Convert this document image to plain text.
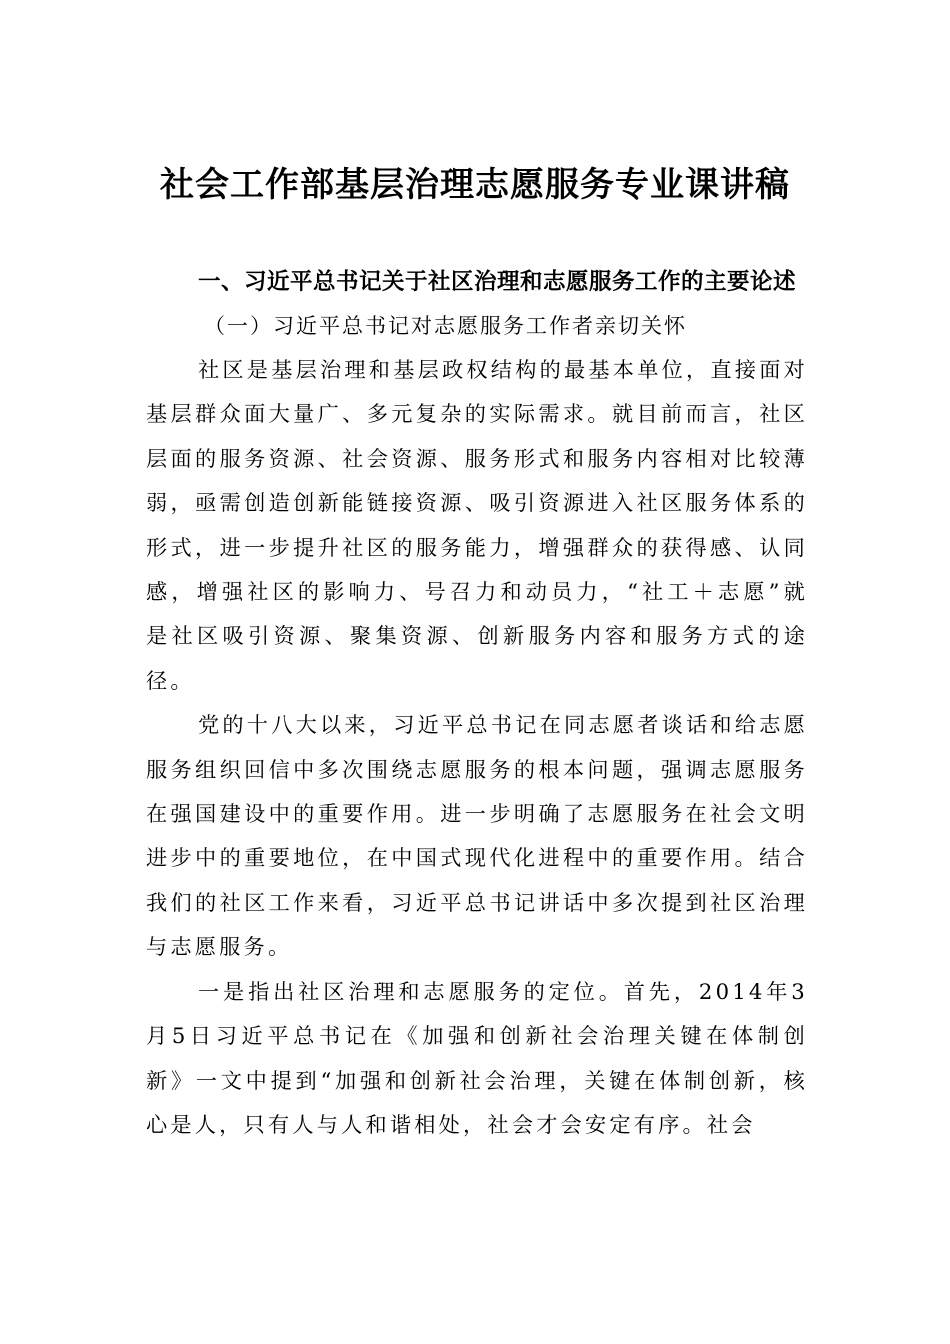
社会工作部基层治理志愿服务专业课讲稿

一、习近平总书记关于社区治理和志愿服务工作的主要论述

（一）习近平总书记对志愿服务工作者亲切关怀

社区是基层治理和基层政权结构的最基本单位，直接面对基层群众面大量广、多元复杂的实际需求。就目前而言，社区层面的服务资源、社会资源、服务形式和服务内容相对比较薄弱，亟需创造创新能链接资源、吸引资源进入社区服务体系的形式，进一步提升社区的服务能力，增强群众的获得感、认同感，增强社区的影响力、号召力和动员力，“社工＋志愿”就是社区吸引资源、聚集资源、创新服务内容和服务方式的途径。

党的十八大以来，习近平总书记在同志愿者谈话和给志愿服务组织回信中多次围绕志愿服务的根本问题，强调志愿服务在强国建设中的重要作用。进一步明确了志愿服务在社会文明进步中的重要地位，在中国式现代化进程中的重要作用。结合我们的社区工作来看，习近平总书记讲话中多次提到社区治理与志愿服务。

一是指出社区治理和志愿服务的定位。首先，2014年3月5日习近平总书记在《加强和创新社会治理关键在体制创新》一文中提到“加强和创新社会治理，关键在体制创新，核心是人，只有人与人和谐相处，社会才会安定有序。社会
